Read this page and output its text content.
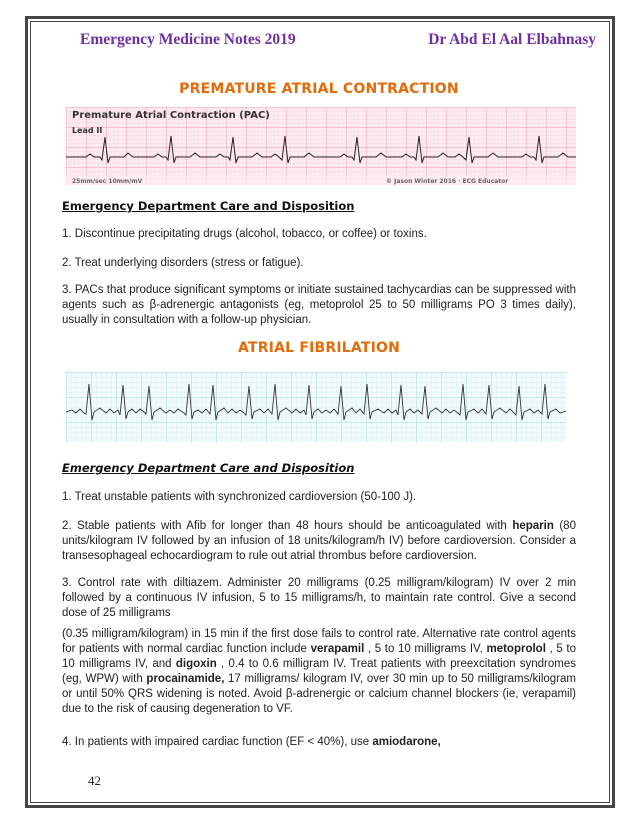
Emergency Medicine Notes 2019	Dr Abd El Aal Elbahnasy
PREMATURE ATRIAL CONTRACTION
Premature Atrial Contraction (PAC)
Lead II
25mm/sec 10mm/mV	© Jason Winter 2016 · ECG Educator
Emergency Department Care and Disposition
1. Discontinue precipitating drugs (alcohol, tobacco, or coffee) or toxins.
2. Treat underlying disorders (stress or fatigue).
3. PACs that produce significant symptoms or initiate sustained tachycardias can be suppressed with agents such as β-adrenergic antagonists (eg, metoprolol 25 to 50 milligrams PO 3 times daily), usually in consultation with a follow-up physician.
ATRIAL FIBRILATION
Emergency Department Care and Disposition
1. Treat unstable patients with synchronized cardioversion (50-100 J).
2. Stable patients with Afib for longer than 48 hours should be anticoagulated with heparin (80 units/kilogram IV followed by an infusion of 18 units/kilogram/h IV) before cardioversion. Consider a transesophageal echocardiogram to rule out atrial thrombus before cardioversion.
3. Control rate with diltiazem. Administer 20 milligrams (0.25 milligram/kilogram) IV over 2 min followed by a continuous IV infusion, 5 to 15 milligrams/h, to maintain rate control. Give a second dose of 25 milligrams
(0.35 milligram/kilogram) in 15 min if the first dose fails to control rate. Alternative rate control agents for patients with normal cardiac function include verapamil , 5 to 10 milligrams IV, metoprolol , 5 to 10 milligrams IV, and digoxin , 0.4 to 0.6 milligram IV. Treat patients with preexcitation syndromes (eg, WPW) with procainamide, 17 milligrams/ kilogram IV, over 30 min up to 50 milligrams/kilogram or until 50% QRS widening is noted. Avoid β-adrenergic or calcium channel blockers (ie, verapamil) due to the risk of causing degeneration to VF.
4. In patients with impaired cardiac function (EF < 40%), use amiodarone,
42
